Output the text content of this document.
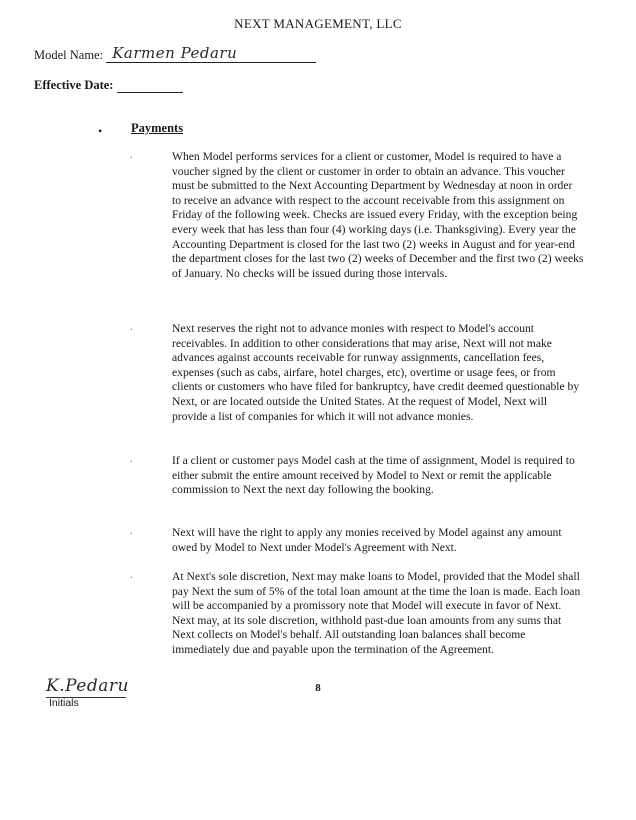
NEXT MANAGEMENT, LLC
Model Name: Karmen Pedaru
Effective Date:
• Payments
.	When Model performs services for a client or customer, Model is required to have a voucher signed by the client or customer in order to obtain an advance. This voucher must be submitted to the Next Accounting Department by Wednesday at noon in order to receive an advance with respect to the account receivable from this assignment on Friday of the following week. Checks are issued every Friday, with the exception being every week that has less than four (4) working days (i.e. Thanksgiving). Every year the Accounting Department is closed for the last two (2) weeks in August and for year-end the department closes for the last two (2) weeks of December and the first two (2) weeks of January. No checks will be issued during those intervals.
.	Next reserves the right not to advance monies with respect to Model's account receivables. In addition to other considerations that may arise, Next will not make advances against accounts receivable for runway assignments, cancellation fees, expenses (such as cabs, airfare, hotel charges, etc), overtime or usage fees, or from clients or customers who have filed for bankruptcy, have credit deemed questionable by Next, or are located outside the United States. At the request of Model, Next will provide a list of companies for which it will not advance monies.
.	If a client or customer pays Model cash at the time of assignment, Model is required to either submit the entire amount received by Model to Next or remit the applicable commission to Next the next day following the booking.
.	Next will have the right to apply any monies received by Model against any amount owed by Model to Next under Model's Agreement with Next.
.	At Next's sole discretion, Next may make loans to Model, provided that the Model shall pay Next the sum of 5% of the total loan amount at the time the loan is made. Each loan will be accompanied by a promissory note that Model will execute in favor of Next. Next may, at its sole discretion, withhold past-due loan amounts from any sums that Next collects on Model's behalf. All outstanding loan balances shall become immediately due and payable upon the termination of the Agreement.
K.Pedaru
Initials
8
